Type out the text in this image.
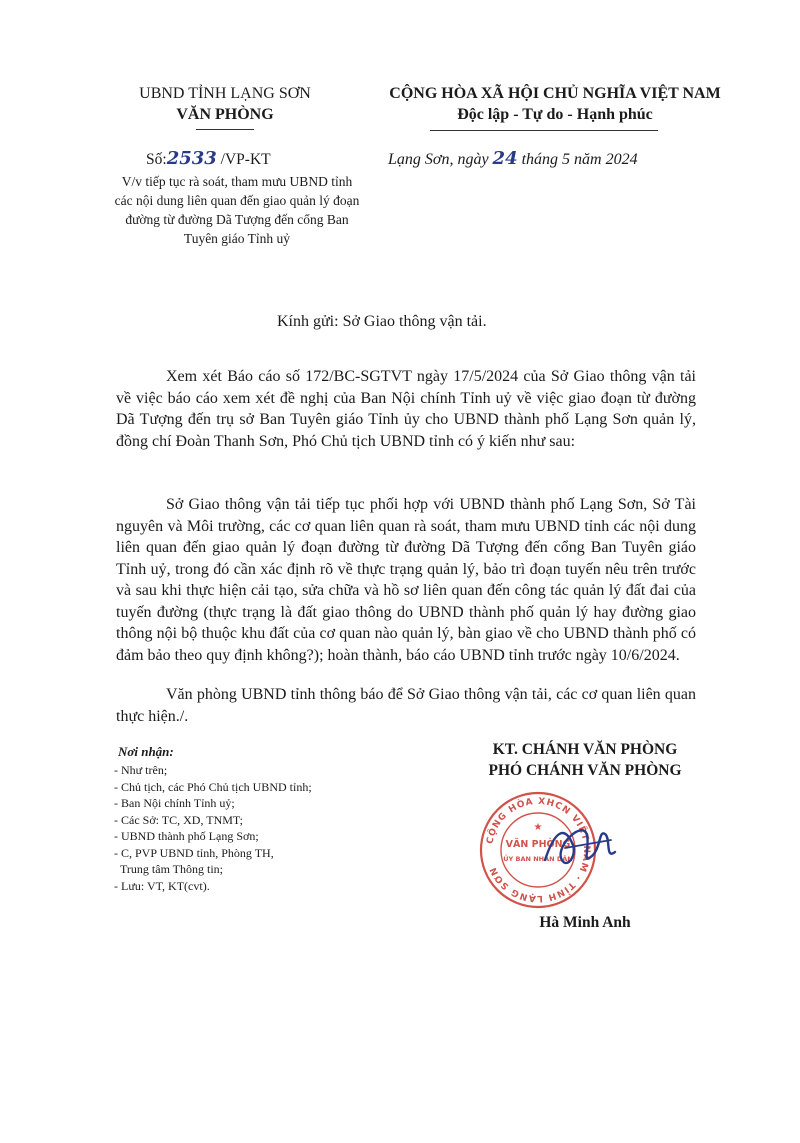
UBND TỈNH LẠNG SƠN
VĂN PHÒNG
CỘNG HÒA XÃ HỘI CHỦ NGHĨA VIỆT NAM
Độc lập - Tự do - Hạnh phúc
Số:2533 /VP-KT
V/v tiếp tục rà soát, tham mưu UBND tỉnh các nội dung liên quan đến giao quản lý đoạn đường từ đường Dã Tượng đến cổng Ban Tuyên giáo Tỉnh uỷ
Lạng Sơn, ngày 24 tháng 5 năm 2024
Kính gửi: Sở Giao thông vận tải.
Xem xét Báo cáo số 172/BC-SGTVT ngày 17/5/2024 của Sở Giao thông vận tải về việc báo cáo xem xét đề nghị của Ban Nội chính Tỉnh uỷ về việc giao đoạn từ đường Dã Tượng đến trụ sở Ban Tuyên giáo Tỉnh ủy cho UBND thành phố Lạng Sơn quản lý, đồng chí Đoàn Thanh Sơn, Phó Chủ tịch UBND tỉnh có ý kiến như sau:
Sở Giao thông vận tải tiếp tục phối hợp với UBND thành phố Lạng Sơn, Sở Tài nguyên và Môi trường, các cơ quan liên quan rà soát, tham mưu UBND tỉnh các nội dung liên quan đến giao quản lý đoạn đường từ đường Dã Tượng đến cổng Ban Tuyên giáo Tỉnh uỷ, trong đó cần xác định rõ về thực trạng quản lý, bảo trì đoạn tuyến nêu trên trước và sau khi thực hiện cải tạo, sửa chữa và hồ sơ liên quan đến công tác quản lý đất đai của tuyến đường (thực trạng là đất giao thông do UBND thành phố quản lý hay đường giao thông nội bộ thuộc khu đất của cơ quan nào quản lý, bàn giao về cho UBND thành phố có đảm bảo theo quy định không?); hoàn thành, báo cáo UBND tỉnh trước ngày 10/6/2024.
Văn phòng UBND tỉnh thông báo để Sở Giao thông vận tải, các cơ quan liên quan thực hiện./.
Nơi nhận:
- Như trên;
- Chủ tịch, các Phó Chủ tịch UBND tỉnh;
- Ban Nội chính Tỉnh uỷ;
- Các Sở: TC, XD, TNMT;
- UBND thành phố Lạng Sơn;
- C, PVP UBND tỉnh, Phòng TH,
Trung tâm Thông tin;
- Lưu: VT, KT(cvt).
KT. CHÁNH VĂN PHÒNG
PHÓ CHÁNH VĂN PHÒNG
CỘNG HÒA XHCN VIỆT NAM · TỈNH LẠNG SƠN
VĂN PHÒNG
ỦY BAN NHÂN DÂN
★
Hà Minh Anh
